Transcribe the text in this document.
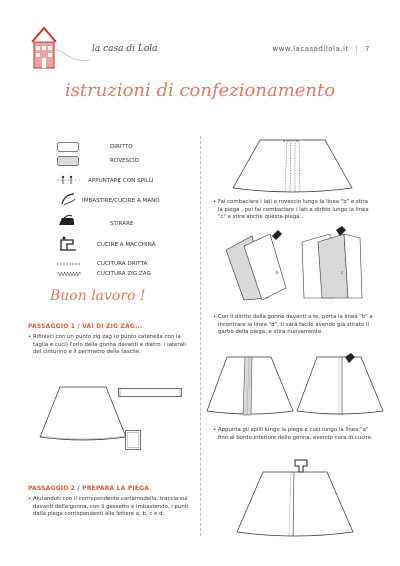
la casa di Lola	www.lacasadilola.it | 7
istruzioni di confezionamento
DIRITTO
ROVESCIO
APPUNTARE CON SPILLI
IMBASTIRE/CUCIRE A MANO
STIRARE
CUCIRE A MACCHINA
CUCITURA DRITTA
CUCITURA ZIG ZAG
Buon lavoro !
PASSAGGIO 1 / VAI DI ZIG ZAG...
• Rifinisci con un punto zig zag (o punto catenella con la taglia e cuci) l'orlo della gonna davanti e dietro. i laterali del cinturino e il perimetro delle tasche.
PASSAGGIO 2 / PREPARA LA PIEGA
• Aiutandoti con il corrispondente cartamodello, traccia sul davanti della gonna, con il gessetto e imbastendo, i punti della piega corrispondenti alle lettere a, b, c e d.
abcd
• Fai combaciare i lati a rovescio lungo la linea "b" e stira la piega , poi fai combaciare i lati a diritto lungo la linea "c" e stira anche questa piega..
b	c
• Con il diritto della gonna davanti a te, porta la linea "b" a incontrare la linea "d", ti sarà facile avendo già stirato il garbo della piega, e stira nuovamente.
• Appunta gli spilli lungo la piega e cuci lungo la linea "a" fino al bordo inferiore della gonna, avendo cura di cucire.
